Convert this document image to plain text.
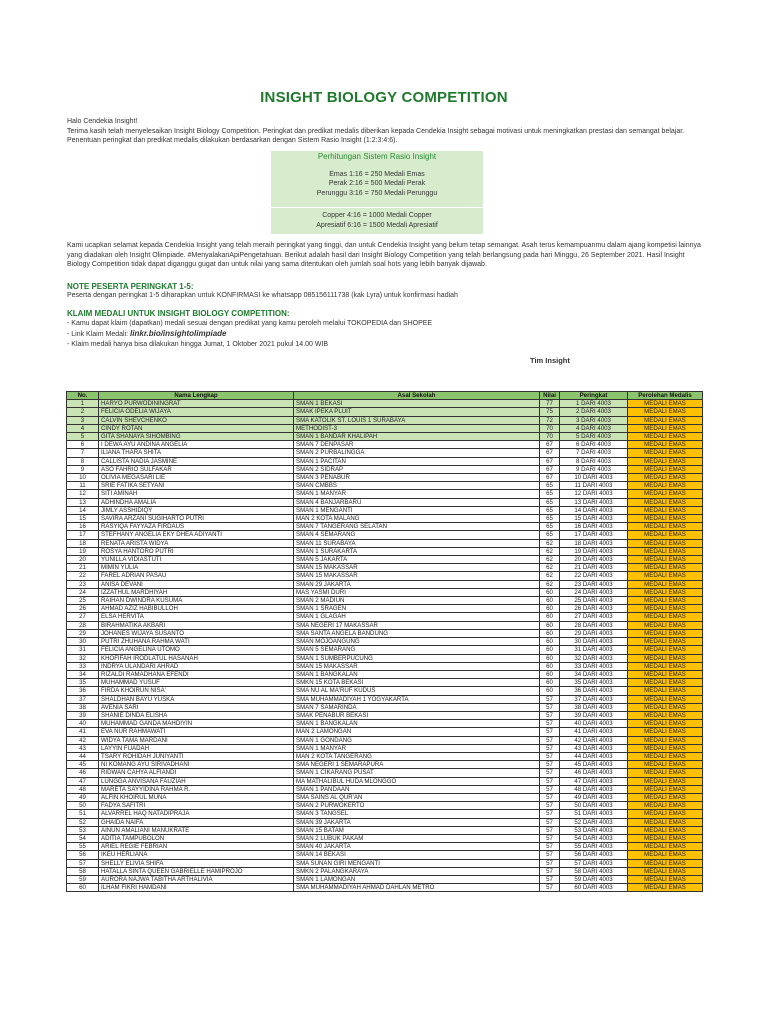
INSIGHT BIOLOGY COMPETITION
Halo Cendekia Insight!
Terima kasih telah menyelesaikan Insight Biology Competition. Peringkat dan predikat medalis diberikan kepada Cendekia Insight sebagai motivasi untuk meningkatkan prestasi dan semangat belajar. Penentuan peringkat dan predikat medalis dilakukan berdasarkan dengan Sistem Rasio Insight (1:2:3:4:6).
Perhitungan Sistem Rasio Insight
Emas 1:16 = 250 Medali Emas
Perak 2:16 = 500 Medali Perak
Perunggu 3:16 = 750 Medali Perunggu
Copper 4:16 = 1000 Medali Copper
Apresiatif 6:16 = 1500 Medali Apresiatif
Kami ucapkan selamat kepada Cendekia Insight yang telah meraih peringkat yang tinggi, dan untuk Cendekia Insight yang belum tetap semangat. Asah terus kemampuanmu dalam ajang kompetisi lainnya yang diadakan oleh Insight Olimpiade. #MenyalakanApiPengetahuan. Berikut adalah hasil dari Insight Biology Competition yang telah berlangsung pada hari Minggu, 26 September 2021. Hasil Insight Biology Competition tidak dapat diganggu gugat dan untuk nilai yang sama ditentukan oleh jumlah soal hots yang lebih banyak dijawab.
NOTE PESERTA PERINGKAT 1-5:
Peserta dengan peringkat 1-5 diharapkan untuk KONFIRMASI ke whatsapp 085156111738 (kak Lyra) untuk konfirmasi hadiah
KLAIM MEDALI UNTUK INSIGHT BIOLOGY COMPETITION:
- Kamu dapat klaim (dapatkan) medali sesuai dengan predikat yang kamu peroleh melalui TOKOPEDIA dan SHOPEE
- Link Klaim Medali: linkr.bio/insightolimpiade
- Klaim medali hanya bisa dilakukan hingga Jumat, 1 Oktober 2021 pukul 14.00 WIB
Tim Insight
No.	Nama Lengkap	Asal Sekolah	Nilai	Peringkat	Perolehan Medalis
1	HARYO PURWODININGRAT	SMAN 1 BEKASI	77	1 DARI 4003	MEDALI EMAS
2	FELICIA ODELIA WIJAYA	SMAK IPEKA PLUIT	75	2 DARI 4003	MEDALI EMAS
3	CALVIN SHEVCHENKO	SMA KATOLIK ST. LOUIS 1 SURABAYA	72	3 DARI 4003	MEDALI EMAS
4	CINDY ROTAN	METHODIST-3	70	4 DARI 4003	MEDALI EMAS
5	GITA SHANAYA SIHOMBING	SMAN 1 BANDAR KHALIPAH	70	5 DARI 4003	MEDALI EMAS
6	I DEWA AYU ANDINA ANGELIA	SMAN 7 DENPASAR	67	6 DARI 4003	MEDALI EMAS
7	ILIANA THARA SHITA	SMAN 2 PURBALINGGA	67	7 DARI 4003	MEDALI EMAS
8	CALLISTA NADIA JASMINE	SMAN 1 PACITAN	67	8 DARI 4003	MEDALI EMAS
9	ASO FAHRIO SULFAKAR	SMAN 2 SIDRAP	67	9 DARI 4003	MEDALI EMAS
10	OLIVIA MEGASARI LIE	SMAN 3 PENABUR	67	10 DARI 4003	MEDALI EMAS
11	SRIE FATIKA SETYANI	SMAN CMBBS	65	11 DARI 4003	MEDALI EMAS
12	SITI AMINAH	SMAN 1 MANYAR	65	12 DARI 4003	MEDALI EMAS
13	ADHINDHA AMALIA	SMAN 4 BANJARBARU	65	13 DARI 4003	MEDALI EMAS
14	JIMLY ASSHIDIQY	SMAN 1 MENGANTI	65	14 DARI 4003	MEDALI EMAS
15	SAVIRA ARZANI SUGIHARTO PUTRI	MAN 2 KOTA MALANG	65	15 DARI 4003	MEDALI EMAS
16	RASYIQA FAYYAZA FIRDAUS	SMAN 7 TANGERANG SELATAN	65	16 DARI 4003	MEDALI EMAS
17	STEFHANY ANGELIA EKY DHEA ADIYANTI	SMAN 4 SEMARANG	65	17 DARI 4003	MEDALI EMAS
18	RENATA ARISTA WIDYA	SMAN 11 SURABAYA	62	18 DARI 4003	MEDALI EMAS
19	ROSYA HANTORO PUTRI	SMAN 1 SURAKARTA	62	19 DARI 4003	MEDALI EMAS
20	YUNILLA VIDIASTUTI	SMAN 5 JAKARTA	62	20 DARI 4003	MEDALI EMAS
21	MIMIN YULIA	SMAN 15 MAKASSAR	62	21 DARI 4003	MEDALI EMAS
22	FAREL ADRIAN PASAU	SMAN 15 MAKASSAR	62	22 DARI 4003	MEDALI EMAS
23	ANISA DEVANI	SMAN 29 JAKARTA	62	23 DARI 4003	MEDALI EMAS
24	IZZATHUL MARDHIYAH	MAS YASMI DURI	60	24 DARI 4003	MEDALI EMAS
25	RAIHAN DWINDRA KUSUMA	SMAN 2 MADIUN	60	25 DARI 4003	MEDALI EMAS
26	AHMAD AZIZ HABIBULLOH	SMAN 1 SRAGEN	60	26 DARI 4003	MEDALI EMAS
27	ELSA HERVITA	SMAN 1 GLAGAH	60	27 DARI 4003	MEDALI EMAS
28	BIRAHMATIKA AKBARI	SMA NEGERI 17 MAKASSAR	60	28 DARI 4003	MEDALI EMAS
29	JOHANES WIJAYA SUSANTO	SMA SANTA ANGELA BANDUNG	60	29 DARI 4003	MEDALI EMAS
30	PUTRI ZHUHANA RAHMA WATI	SMAN MOJOANGUNG	60	30 DARI 4003	MEDALI EMAS
31	FELICIA ANGELINA UTOMO	SMAN 5 SEMARANG	60	31 DARI 4003	MEDALI EMAS
32	KHOFIFAH IRODLATUL HASANAH	SMAN 1 SUMBERPUCUNG	60	32 DARI 4003	MEDALI EMAS
33	INDRYA ULANDARI AHRAD	SMAN 15 MAKASSAR	60	33 DARI 4003	MEDALI EMAS
34	RIZALDI RAMADHANA EFENDI	SMAN 1 BANGKALAN	60	34 DARI 4003	MEDALI EMAS
35	MUHAMMAD YUSUF	SMKN 15 KOTA BEKASI	60	35 DARI 4003	MEDALI EMAS
36	FIRDA KHOIRUN NISA'	SMA NU AL MA'RUF KUDUS	60	36 DARI 4003	MEDALI EMAS
37	SHALDHAN BAYU YUSKA	SMA MUHAMMADIYAH 1 YOGYAKARTA	57	37 DARI 4003	MEDALI EMAS
38	AVENIA SARI	SMAN 7 SAMARINDA	57	38 DARI 4003	MEDALI EMAS
39	SHANIE DINDA ELISHA	SMAK PENABUR BEKASI	57	39 DARI 4003	MEDALI EMAS
40	MUHAMMAD GANDA MAHDIYIN	SMAN 1 BANGKALAN	57	40 DARI 4003	MEDALI EMAS
41	EVA NUR RAHMAWATI	MAN 2 LAMONGAN	57	41 DARI 4003	MEDALI EMAS
42	WIDYA TAMA MARDANI	SMAN 1 GONDANG	57	42 DARI 4003	MEDALI EMAS
43	LAYYIN FUADAH	SMAN 1 MANYAR	57	43 DARI 4003	MEDALI EMAS
44	TSARY ROHIDAH JUNIYANTI	MAN 2 KOTA TANGERANG	57	44 DARI 4003	MEDALI EMAS
45	NI KOMANG AYU SIRIVADHANI	SMA NEGERI 1 SEMARAPURA	57	45 DARI 4003	MEDALI EMAS
46	RIDWAN CAHYA ALFIANDI	SMAN 1 CIKARANG PUSAT	57	46 DARI 4003	MEDALI EMAS
47	LUNGGA ANVISANA FAUZIAH	MA MATHALIBUL HUDA MLONGGO	57	47 DARI 4003	MEDALI EMAS
48	MARETA SAYYIDINA RAHMA R.	SMAN 1 PANDAAN	57	48 DARI 4003	MEDALI EMAS
49	ALFIN KHOIRUL MUNA	SMA SAINS AL QUR'AN	57	49 DARI 4003	MEDALI EMAS
50	FADYA SAFITRI	SMAN 2 PURWOKERTO	57	50 DARI 4003	MEDALI EMAS
51	ALVARREL HAQ NATADIPRAJA	SMAN 3 TANGSEL	57	51 DARI 4003	MEDALI EMAS
52	GHAIDA NAIFA	SMAN 39 JAKARTA	57	52 DARI 4003	MEDALI EMAS
53	AINUN AMALIANI MANUKRATE	SMAN 15 BATAM	57	53 DARI 4003	MEDALI EMAS
54	ADITIA TAMPUBOLON	SMAN 2 LUBUK PAKAM	57	54 DARI 4003	MEDALI EMAS
55	ARIEL REGIE FEBRIAN	SMAN 40 JAKARTA	57	55 DARI 4003	MEDALI EMAS
56	IKEU HERLIANA	SMAN 14 BEKASI	57	56 DARI 4003	MEDALI EMAS
57	SHELLY ELIVIA SHIFA	SMA SUNAN GIRI MENGANTI	57	57 DARI 4003	MEDALI EMAS
58	HATALLA SINTA QUEEN GABRIELLE HAMIPROJO	SMKN 2 PALANGKARAYA	57	58 DARI 4003	MEDALI EMAS
59	AURORA NAJWA TABITHA ARTHALIVIA	SMAN 1 LAMONGAN	57	59 DARI 4003	MEDALI EMAS
60	ILHAM FIKRI HAMDANI	SMA MUHAMMADIYAH AHMAD DAHLAN METRO	57	60 DARI 4003	MEDALI EMAS
